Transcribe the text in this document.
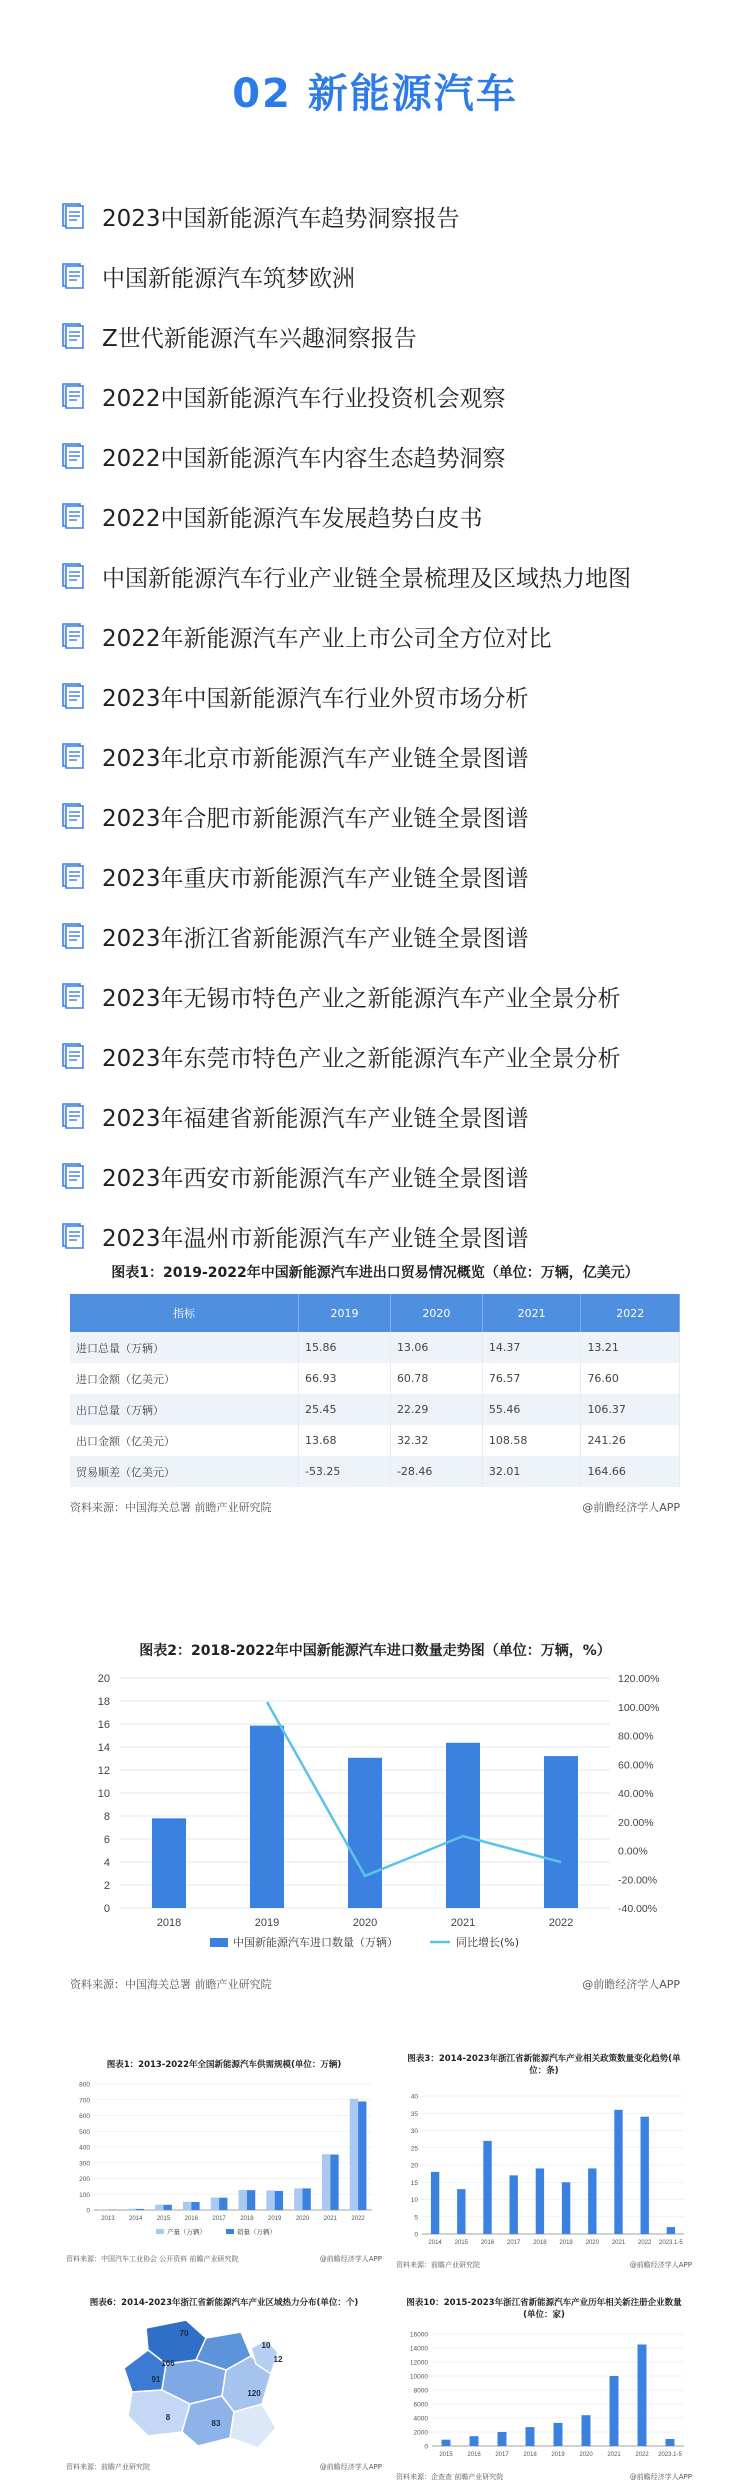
02 新能源汽车
2023中国新能源汽车趋势洞察报告
中国新能源汽车筑梦欧洲
Z世代新能源汽车兴趣洞察报告
2022中国新能源汽车行业投资机会观察
2022中国新能源汽车内容生态趋势洞察
2022中国新能源汽车发展趋势白皮书
中国新能源汽车行业产业链全景梳理及区域热力地图
2022年新能源汽车产业上市公司全方位对比
2023年中国新能源汽车行业外贸市场分析
2023年北京市新能源汽车产业链全景图谱
2023年合肥市新能源汽车产业链全景图谱
2023年重庆市新能源汽车产业链全景图谱
2023年浙江省新能源汽车产业链全景图谱
2023年无锡市特色产业之新能源汽车产业全景分析
2023年东莞市特色产业之新能源汽车产业全景分析
2023年福建省新能源汽车产业链全景图谱
2023年西安市新能源汽车产业链全景图谱
2023年温州市新能源汽车产业链全景图谱
图表1：2019-2022年中国新能源汽车进出口贸易情况概览（单位：万辆，亿美元）
指标	2019	2020	2021	2022
进口总量（万辆）	15.86	13.06	14.37	13.21
进口金额（亿美元）	66.93	60.78	76.57	76.60
出口总量（万辆）	25.45	22.29	55.46	106.37
出口金额（亿美元）	13.68	32.32	108.58	241.26
贸易顺差（亿美元）	-53.25	-28.46	32.01	164.66
资料来源：中国海关总署 前瞻产业研究院	@前瞻经济学人APP
图表2：2018-2022年中国新能源汽车进口数量走势图（单位：万辆，%）
0
2
4
6
8
10
12
14
16
18
20
-40.00%
-20.00%
0.00%
20.00%
40.00%
60.00%
80.00%
100.00%
120.00%
2018	2019	2020	2021	2022
中国新能源汽车进口数量（万辆）	同比增长(%)
资料来源：中国海关总署 前瞻产业研究院	@前瞻经济学人APP
图表1：2013-2022年全国新能源汽车供需规模(单位：万辆)
0
100
200
300
400
500
600
700
800
产量（万辆）	销量（万辆）
2013 2014 2015 2016 2017 2018 2019 2020 2021 2022
资料来源：中国汽车工业协会 公开资料 前瞻产业研究院	@前瞻经济学人APP
图表3：2014-2023年浙江省新能源汽车产业相关政策数量变化趋势(单位：条)
0
5
10
15
20
25
30
35
40
2014 2015 2016 2017 2018 2019 2020 2021 2022 2023.1-5
资料来源：前瞻产业研究院	@前瞻经济学人APP
图表6：2014-2023年浙江省新能源汽车产业区域热力分布(单位：个)
70
106
91
120
8
83
10
12
资料来源：前瞻产业研究院	@前瞻经济学人APP
图表10：2015-2023年浙江省新能源汽车产业历年相关新注册企业数量(单位：家)
0
2000
4000
6000
8000
10000
12000
14000
16000
2015 2016 2017 2018 2019 2020 2021 2022 2023.1-5
资料来源：企查查 前瞻产业研究院	@前瞻经济学人APP
